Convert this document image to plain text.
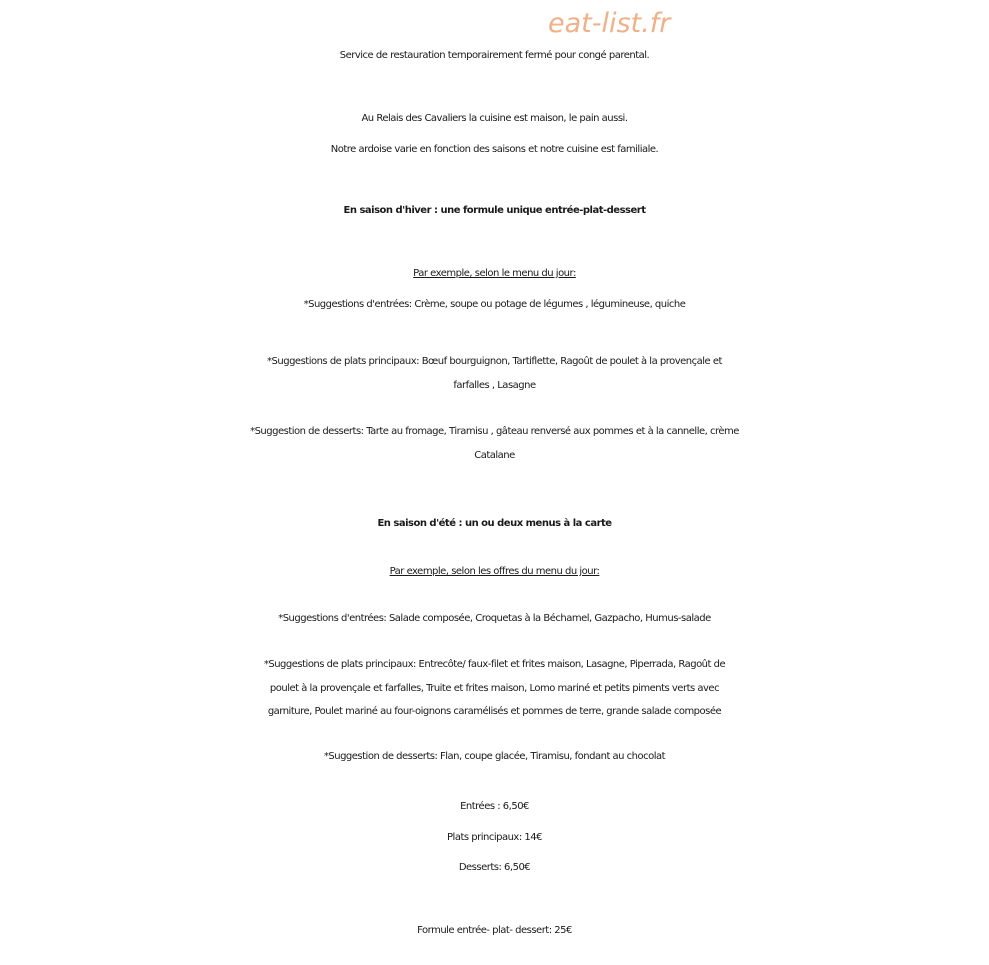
eat-list.fr
Service de restauration temporairement fermé pour congé parental.
Au Relais des Cavaliers la cuisine est maison, le pain aussi.
Notre ardoise varie en fonction des saisons et notre cuisine est familiale.
En saison d'hiver : une formule unique entrée-plat-dessert
Par exemple, selon le menu du jour:
*Suggestions d'entrées: Crème, soupe ou potage de légumes , légumineuse, quiche
*Suggestions de plats principaux: Bœuf bourguignon, Tartiflette, Ragoût de poulet à la provençale et
farfalles , Lasagne
*Suggestion de desserts: Tarte au fromage, Tiramisu , gâteau renversé aux pommes et à la cannelle, crème
Catalane
En saison d'été : un ou deux menus à la carte
Par exemple, selon les offres du menu du jour:
*Suggestions d'entrées: Salade composée, Croquetas à la Béchamel, Gazpacho, Humus-salade
*Suggestions de plats principaux: Entrecôte/ faux-filet et frites maison, Lasagne, Piperrada, Ragoût de
poulet à la provençale et farfalles, Truite et frites maison, Lomo mariné et petits piments verts avec
garniture, Poulet mariné au four-oignons caramélisés et pommes de terre, grande salade composée
*Suggestion de desserts: Flan, coupe glacée, Tiramisu, fondant au chocolat
Entrées : 6,50€
Plats principaux: 14€
Desserts: 6,50€
Formule entrée- plat- dessert: 25€
